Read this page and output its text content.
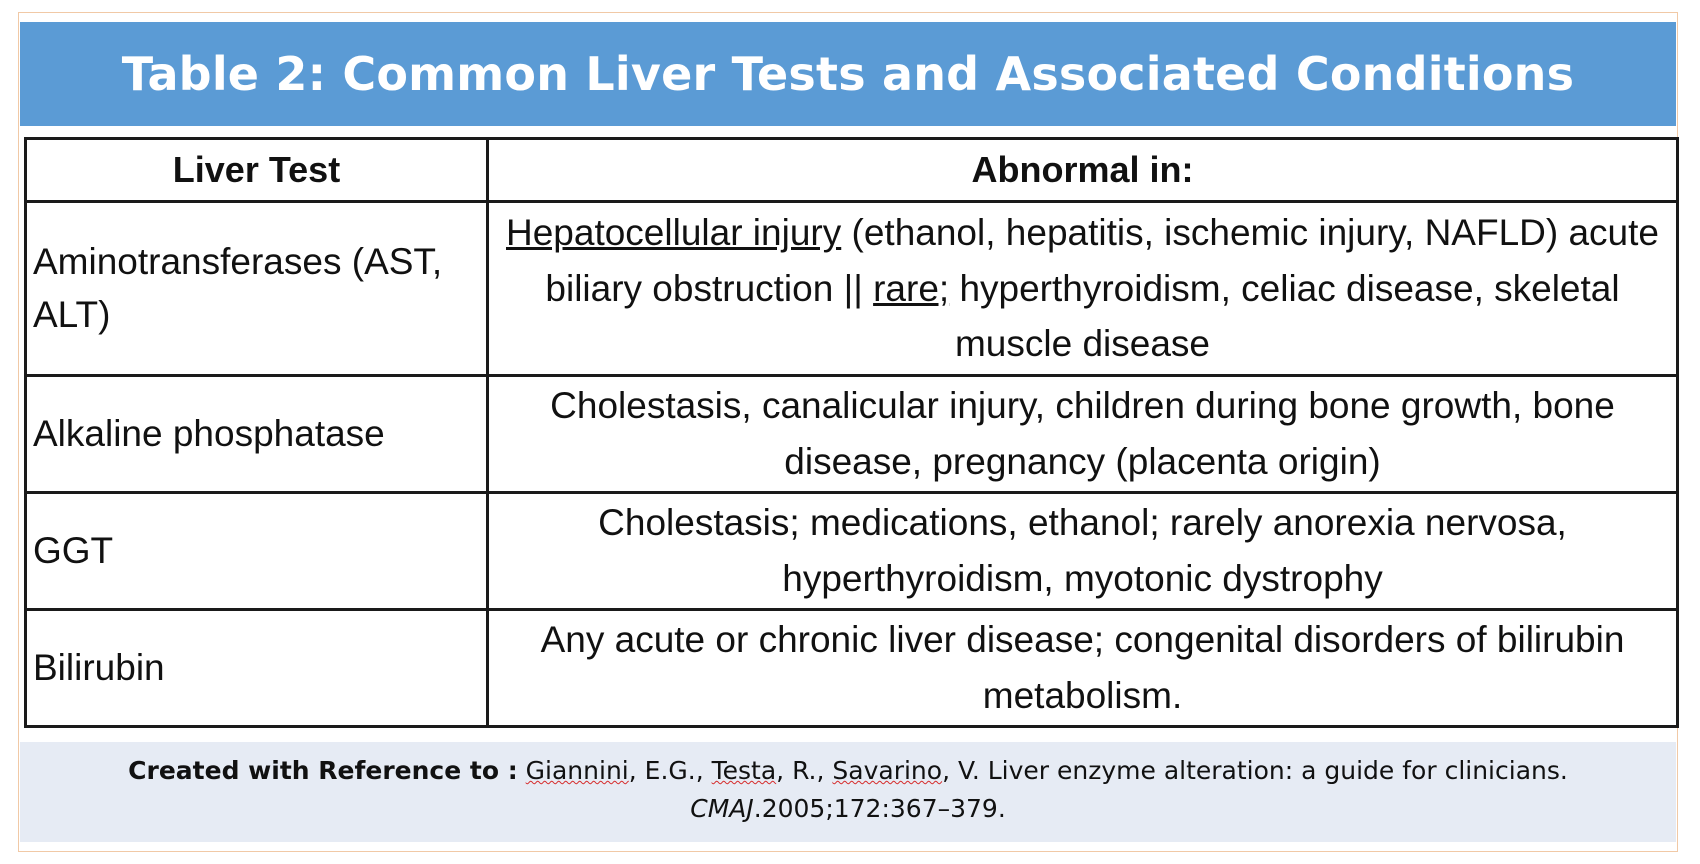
Table 2: Common Liver Tests and Associated Conditions
Liver Test	Abnormal in:
Aminotransferases (AST, ALT)	Hepatocellular injury (ethanol, hepatitis, ischemic injury, NAFLD) acute biliary obstruction || rare; hyperthyroidism, celiac disease, skeletal muscle disease
Alkaline phosphatase	Cholestasis, canalicular injury, children during bone growth, bone disease, pregnancy (placenta origin)
GGT	Cholestasis; medications, ethanol; rarely anorexia nervosa, hyperthyroidism, myotonic dystrophy
Bilirubin	Any acute or chronic liver disease; congenital disorders of bilirubin metabolism.
Created with Reference to : Giannini, E.G., Testa, R., Savarino, V. Liver enzyme alteration: a guide for clinicians.
CMAJ.2005;172:367–379.
